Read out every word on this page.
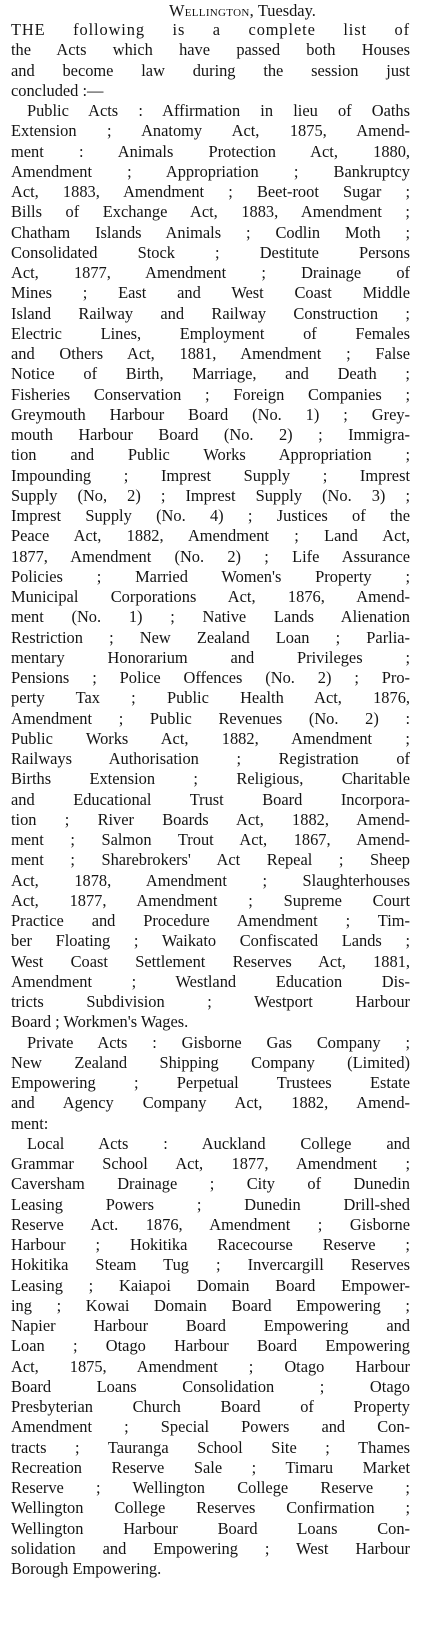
Wellington, Tuesday.
THE following is a complete list of
the Acts which have passed both Houses
and become law during the session just
concluded :—
Public Acts : Affirmation in lieu of Oaths
Extension ; Anatomy Act, 1875, Amend-
ment : Animals Protection Act, 1880,
Amendment ; Appropriation ; Bankruptcy
Act, 1883, Amendment ; Beet-root Sugar ;
Bills of Exchange Act, 1883, Amendment ;
Chatham Islands Animals ; Codlin Moth ;
Consolidated Stock ; Destitute Persons
Act, 1877, Amendment ; Drainage of
Mines ; East and West Coast Middle
Island Railway and Railway Construction ;
Electric Lines, Employment of Females
and Others Act, 1881, Amendment ; False
Notice of Birth, Marriage, and Death ;
Fisheries Conservation ; Foreign Companies ;
Greymouth Harbour Board (No. 1) ; Grey-
mouth Harbour Board (No. 2) ; Immigra-
tion and Public Works Appropriation ;
Impounding ; Imprest Supply ; Imprest
Supply (No, 2) ; Imprest Supply (No. 3) ;
Imprest Supply (No. 4) ; Justices of the
Peace Act, 1882, Amendment ; Land Act,
1877, Amendment (No. 2) ; Life Assurance
Policies ; Married Women's Property ;
Municipal Corporations Act, 1876, Amend-
ment (No. 1) ; Native Lands Alienation
Restriction ; New Zealand Loan ; Parlia-
mentary Honorarium and Privileges ;
Pensions ; Police Offences (No. 2) ; Pro-
perty Tax ; Public Health Act, 1876,
Amendment ; Public Revenues (No. 2) :
Public Works Act, 1882, Amendment ;
Railways Authorisation ; Registration of
Births Extension ; Religious, Charitable
and Educational Trust Board Incorpora-
tion ; River Boards Act, 1882, Amend-
ment ; Salmon Trout Act, 1867, Amend-
ment ; Sharebrokers' Act Repeal ; Sheep
Act, 1878, Amendment ; Slaughterhouses
Act, 1877, Amendment ; Supreme Court
Practice and Procedure Amendment ; Tim-
ber Floating ; Waikato Confiscated Lands ;
West Coast Settlement Reserves Act, 1881,
Amendment ; Westland Education Dis-
tricts Subdivision ; Westport Harbour
Board ; Workmen's Wages.
Private Acts : Gisborne Gas Company ;
New Zealand Shipping Company (Limited)
Empowering ; Perpetual Trustees Estate
and Agency Company Act, 1882, Amend-
ment:
Local Acts : Auckland College and
Grammar School Act, 1877, Amendment ;
Caversham Drainage ; City of Dunedin
Leasing Powers ; Dunedin Drill-shed
Reserve Act. 1876, Amendment ; Gisborne
Harbour ; Hokitika Racecourse Reserve ;
Hokitika Steam Tug ; Invercargill Reserves
Leasing ; Kaiapoi Domain Board Empower-
ing ; Kowai Domain Board Empowering ;
Napier Harbour Board Empowering and
Loan ; Otago Harbour Board Empowering
Act, 1875, Amendment ; Otago Harbour
Board Loans Consolidation ; Otago
Presbyterian Church Board of Property
Amendment ; Special Powers and Con-
tracts ; Tauranga School Site ; Thames
Recreation Reserve Sale ; Timaru Market
Reserve ; Wellington College Reserve ;
Wellington College Reserves Confirmation ;
Wellington Harbour Board Loans Con-
solidation and Empowering ; West Harbour
Borough Empowering.
